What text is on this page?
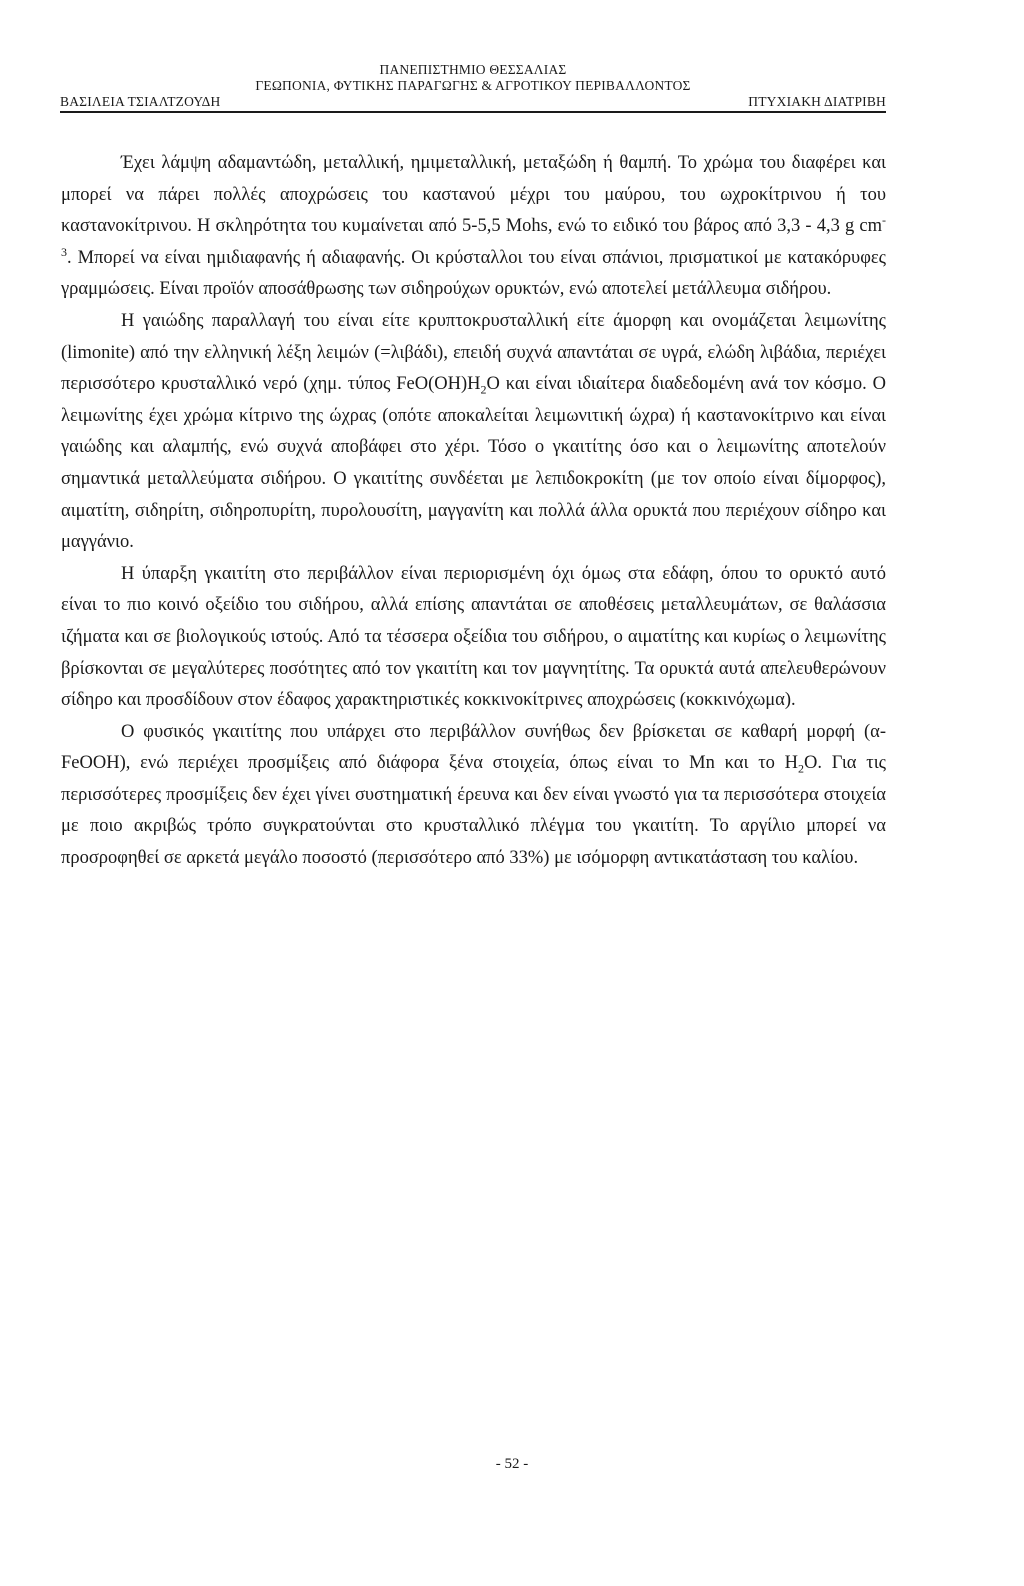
ΠΑΝΕΠΙΣΤΗΜΙΟ ΘΕΣΣΑΛΙΑΣ
ΓΕΩΠΟΝΙΑ, ΦΥΤΙΚΗΣ ΠΑΡΑΓΩΓΗΣ & ΑΓΡΟΤΙΚΟΥ ΠΕΡΙΒΑΛΛΟΝΤΟΣ
ΒΑΣΙΛΕΙΑ ΤΣΙΑΛΤΖΟΥΔΗ	ΠΤΥΧΙΑΚΗ ΔΙΑΤΡΙΒΗ

Έχει λάμψη αδαμαντώδη, μεταλλική, ημιμεταλλική, μεταξώδη ή θαμπή. Το χρώμα του διαφέρει και μπορεί να πάρει πολλές αποχρώσεις του καστανού μέχρι του μαύρου, του ωχροκίτρινου ή του καστανοκίτρινου. Η σκληρότητα του κυμαίνεται από 5-5,5 Mohs, ενώ το ειδικό του βάρος από 3,3 - 4,3 g $cm^{-3}$. Μπορεί να είναι ημιδιαφανής ή αδιαφανής. Οι κρύσταλλοι του είναι σπάνιοι, πρισματικοί με κατακόρυφες γραμμώσεις. Είναι προϊόν αποσάθρωσης των σιδηρούχων ορυκτών, ενώ αποτελεί μετάλλευμα σιδήρου.

Η γαιώδης παραλλαγή του είναι είτε κρυπτοκρυσταλλική είτε άμορφη και ονομάζεται λειμωνίτης (limonite) από την ελληνική λέξη λειμών (=λιβάδι), επειδή συχνά απαντάται σε υγρά, ελώδη λιβάδια, περιέχει περισσότερο κρυσταλλικό νερό (χημ. τύπος $FeO(OH)H_2O$ και είναι ιδιαίτερα διαδεδομένη ανά τον κόσμο. Ο λειμωνίτης έχει χρώμα κίτρινο της ώχρας (οπότε αποκαλείται λειμωνιτική ώχρα) ή καστανοκίτρινο και είναι γαιώδης και αλαμπής, ενώ συχνά αποβάφει στο χέρι. Τόσο ο γκαιτίτης όσο και ο λειμωνίτης αποτελούν σημαντικά μεταλλεύματα σιδήρου. Ο γκαιτίτης συνδέεται με λεπιδοκροκίτη (με τον οποίο είναι δίμορφος), αιματίτη, σιδηρίτη, σιδηροπυρίτη, πυρολουσίτη, μαγγανίτη και πολλά άλλα ορυκτά που περιέχουν σίδηρο και μαγγάνιο.

Η ύπαρξη γκαιτίτη στο περιβάλλον είναι περιορισμένη όχι όμως στα εδάφη, όπου το ορυκτό αυτό είναι το πιο κοινό οξείδιο του σιδήρου, αλλά επίσης απαντάται σε αποθέσεις μεταλλευμάτων, σε θαλάσσια ιζήματα και σε βιολογικούς ιστούς. Από τα τέσσερα οξείδια του σιδήρου, ο αιματίτης και κυρίως ο λειμωνίτης βρίσκονται σε μεγαλύτερες ποσότητες από τον γκαιτίτη και τον μαγνητίτης. Τα ορυκτά αυτά απελευθερώνουν σίδηρο και προσδίδουν στον έδαφος χαρακτηριστικές κοκκινοκίτρινες αποχρώσεις (κοκκινόχωμα).

Ο φυσικός γκαιτίτης που υπάρχει στο περιβάλλον συνήθως δεν βρίσκεται σε καθαρή μορφή (α-FeOOH), ενώ περιέχει προσμίξεις από διάφορα ξένα στοιχεία, όπως είναι το Mn και το $H_2O$. Για τις περισσότερες προσμίξεις δεν έχει γίνει συστηματική έρευνα και δεν είναι γνωστό για τα περισσότερα στοιχεία με ποιο ακριβώς τρόπο συγκρατούνται στο κρυσταλλικό πλέγμα του γκαιτίτη. Το αργίλιο μπορεί να προσροφηθεί σε αρκετά μεγάλο ποσοστό (περισσότερο από 33%) με ισόμορφη αντικατάσταση του καλίου.

- 52 -
